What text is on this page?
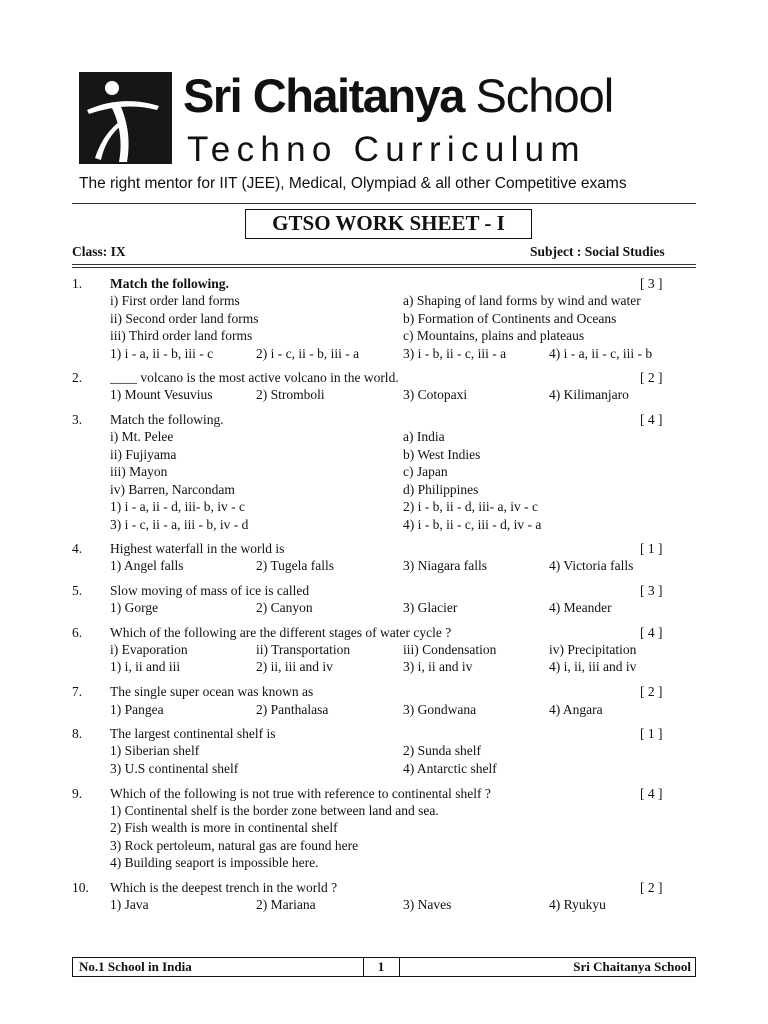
Sri Chaitanya School
Techno Curriculum
The right mentor for IIT (JEE), Medical, Olympiad & all other Competitive exams
GTSO WORK SHEET - I
Class: IX	Subject : Social Studies
1. Match the following.	[ 3 ]
i) First order land forms	a) Shaping of land forms by wind and water
ii) Second order land forms	b) Formation of Continents and Oceans
iii) Third order land forms	c) Mountains, plains and plateaus
1) i - a, ii - b, iii - c	2) i - c, ii - b, iii - a	3) i - b, ii - c, iii - a	4) i - a, ii - c, iii - b
2. ____ volcano is the most active volcano in the world.	[ 2 ]
1) Mount Vesuvius	2) Stromboli	3) Cotopaxi	4) Kilimanjaro
3. Match the following.	[ 4 ]
i) Mt. Pelee	a) India
ii) Fujiyama	b) West Indies
iii) Mayon	c) Japan
iv) Barren, Narcondam	d) Philippines
1) i - a, ii - d, iii- b, iv - c	2) i - b, ii - d, iii- a, iv - c
3) i - c, ii - a, iii - b, iv - d	4) i - b, ii - c, iii - d, iv - a
4. Highest waterfall in the world is	[ 1 ]
1) Angel falls	2) Tugela falls	3) Niagara falls	4) Victoria falls
5. Slow moving of mass of ice is called	[ 3 ]
1) Gorge	2) Canyon	3) Glacier	4) Meander
6. Which of the following are the different stages of water cycle ?	[ 4 ]
i) Evaporation	ii) Transportation	iii) Condensation	iv) Precipitation
1) i, ii and iii	2) ii, iii and iv	3) i, ii and iv	4) i, ii, iii and iv
7. The single super ocean was known as	[ 2 ]
1) Pangea	2) Panthalasa	3) Gondwana	4) Angara
8. The largest continental shelf is	[ 1 ]
1) Siberian shelf	2) Sunda shelf
3) U.S continental shelf	4) Antarctic shelf
9. Which of the following is not true with reference to continental shelf ?	[ 4 ]
1) Continental shelf is the border zone between land and sea.
2) Fish wealth is more in continental shelf
3) Rock pertoleum, natural gas are found here
4) Building seaport is impossible here.
10. Which is the deepest trench in the world ?	[ 2 ]
1) Java	2) Mariana	3) Naves	4) Ryukyu
No.1 School in India	1	Sri Chaitanya School
